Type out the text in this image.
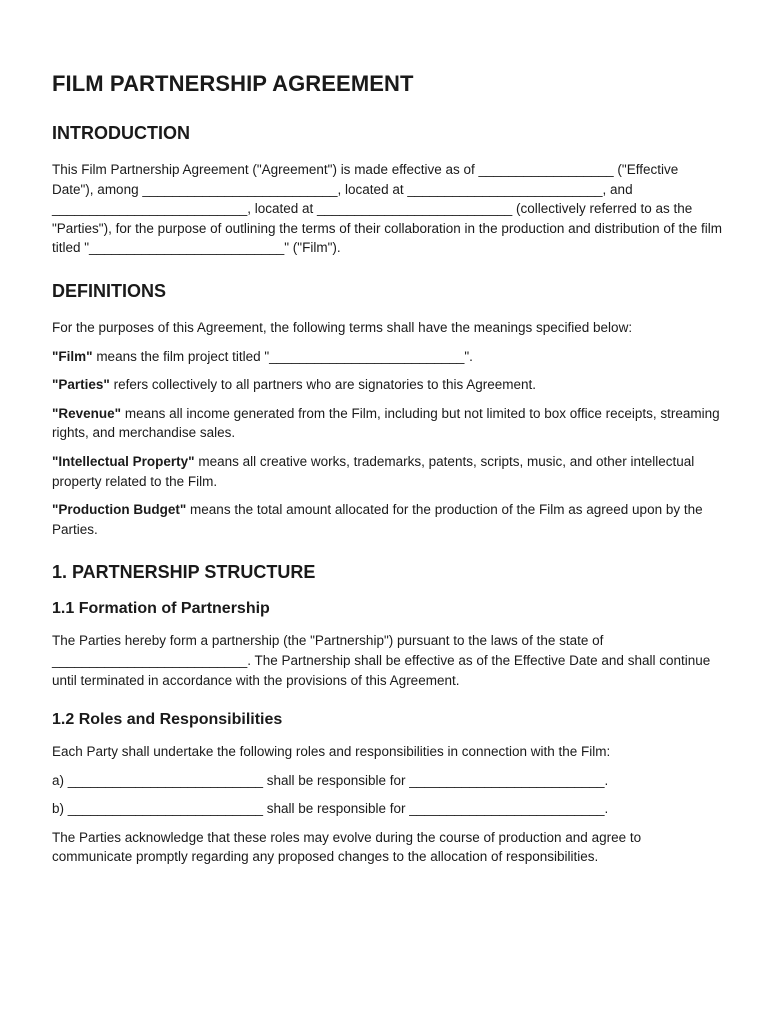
FILM PARTNERSHIP AGREEMENT
INTRODUCTION

This Film Partnership Agreement ("Agreement") is made effective as of __________________ ("Effective Date"), among __________________________, located at __________________________, and __________________________, located at __________________________ (collectively referred to as the "Parties"), for the purpose of outlining the terms of their collaboration in the production and distribution of the film titled "__________________________" ("Film").

DEFINITIONS

For the purposes of this Agreement, the following terms shall have the meanings specified below:

"Film" means the film project titled "__________________________".

"Parties" refers collectively to all partners who are signatories to this Agreement.

"Revenue" means all income generated from the Film, including but not limited to box office receipts, streaming rights, and merchandise sales.

"Intellectual Property" means all creative works, trademarks, patents, scripts, music, and other intellectual property related to the Film.

"Production Budget" means the total amount allocated for the production of the Film as agreed upon by the Parties.

1. PARTNERSHIP STRUCTURE
1.1 Formation of Partnership

The Parties hereby form a partnership (the "Partnership") pursuant to the laws of the state of __________________________. The Partnership shall be effective as of the Effective Date and shall continue until terminated in accordance with the provisions of this Agreement.

1.2 Roles and Responsibilities

Each Party shall undertake the following roles and responsibilities in connection with the Film:

a) __________________________ shall be responsible for __________________________.

b) __________________________ shall be responsible for __________________________.

The Parties acknowledge that these roles may evolve during the course of production and agree to communicate promptly regarding any proposed changes to the allocation of responsibilities.
